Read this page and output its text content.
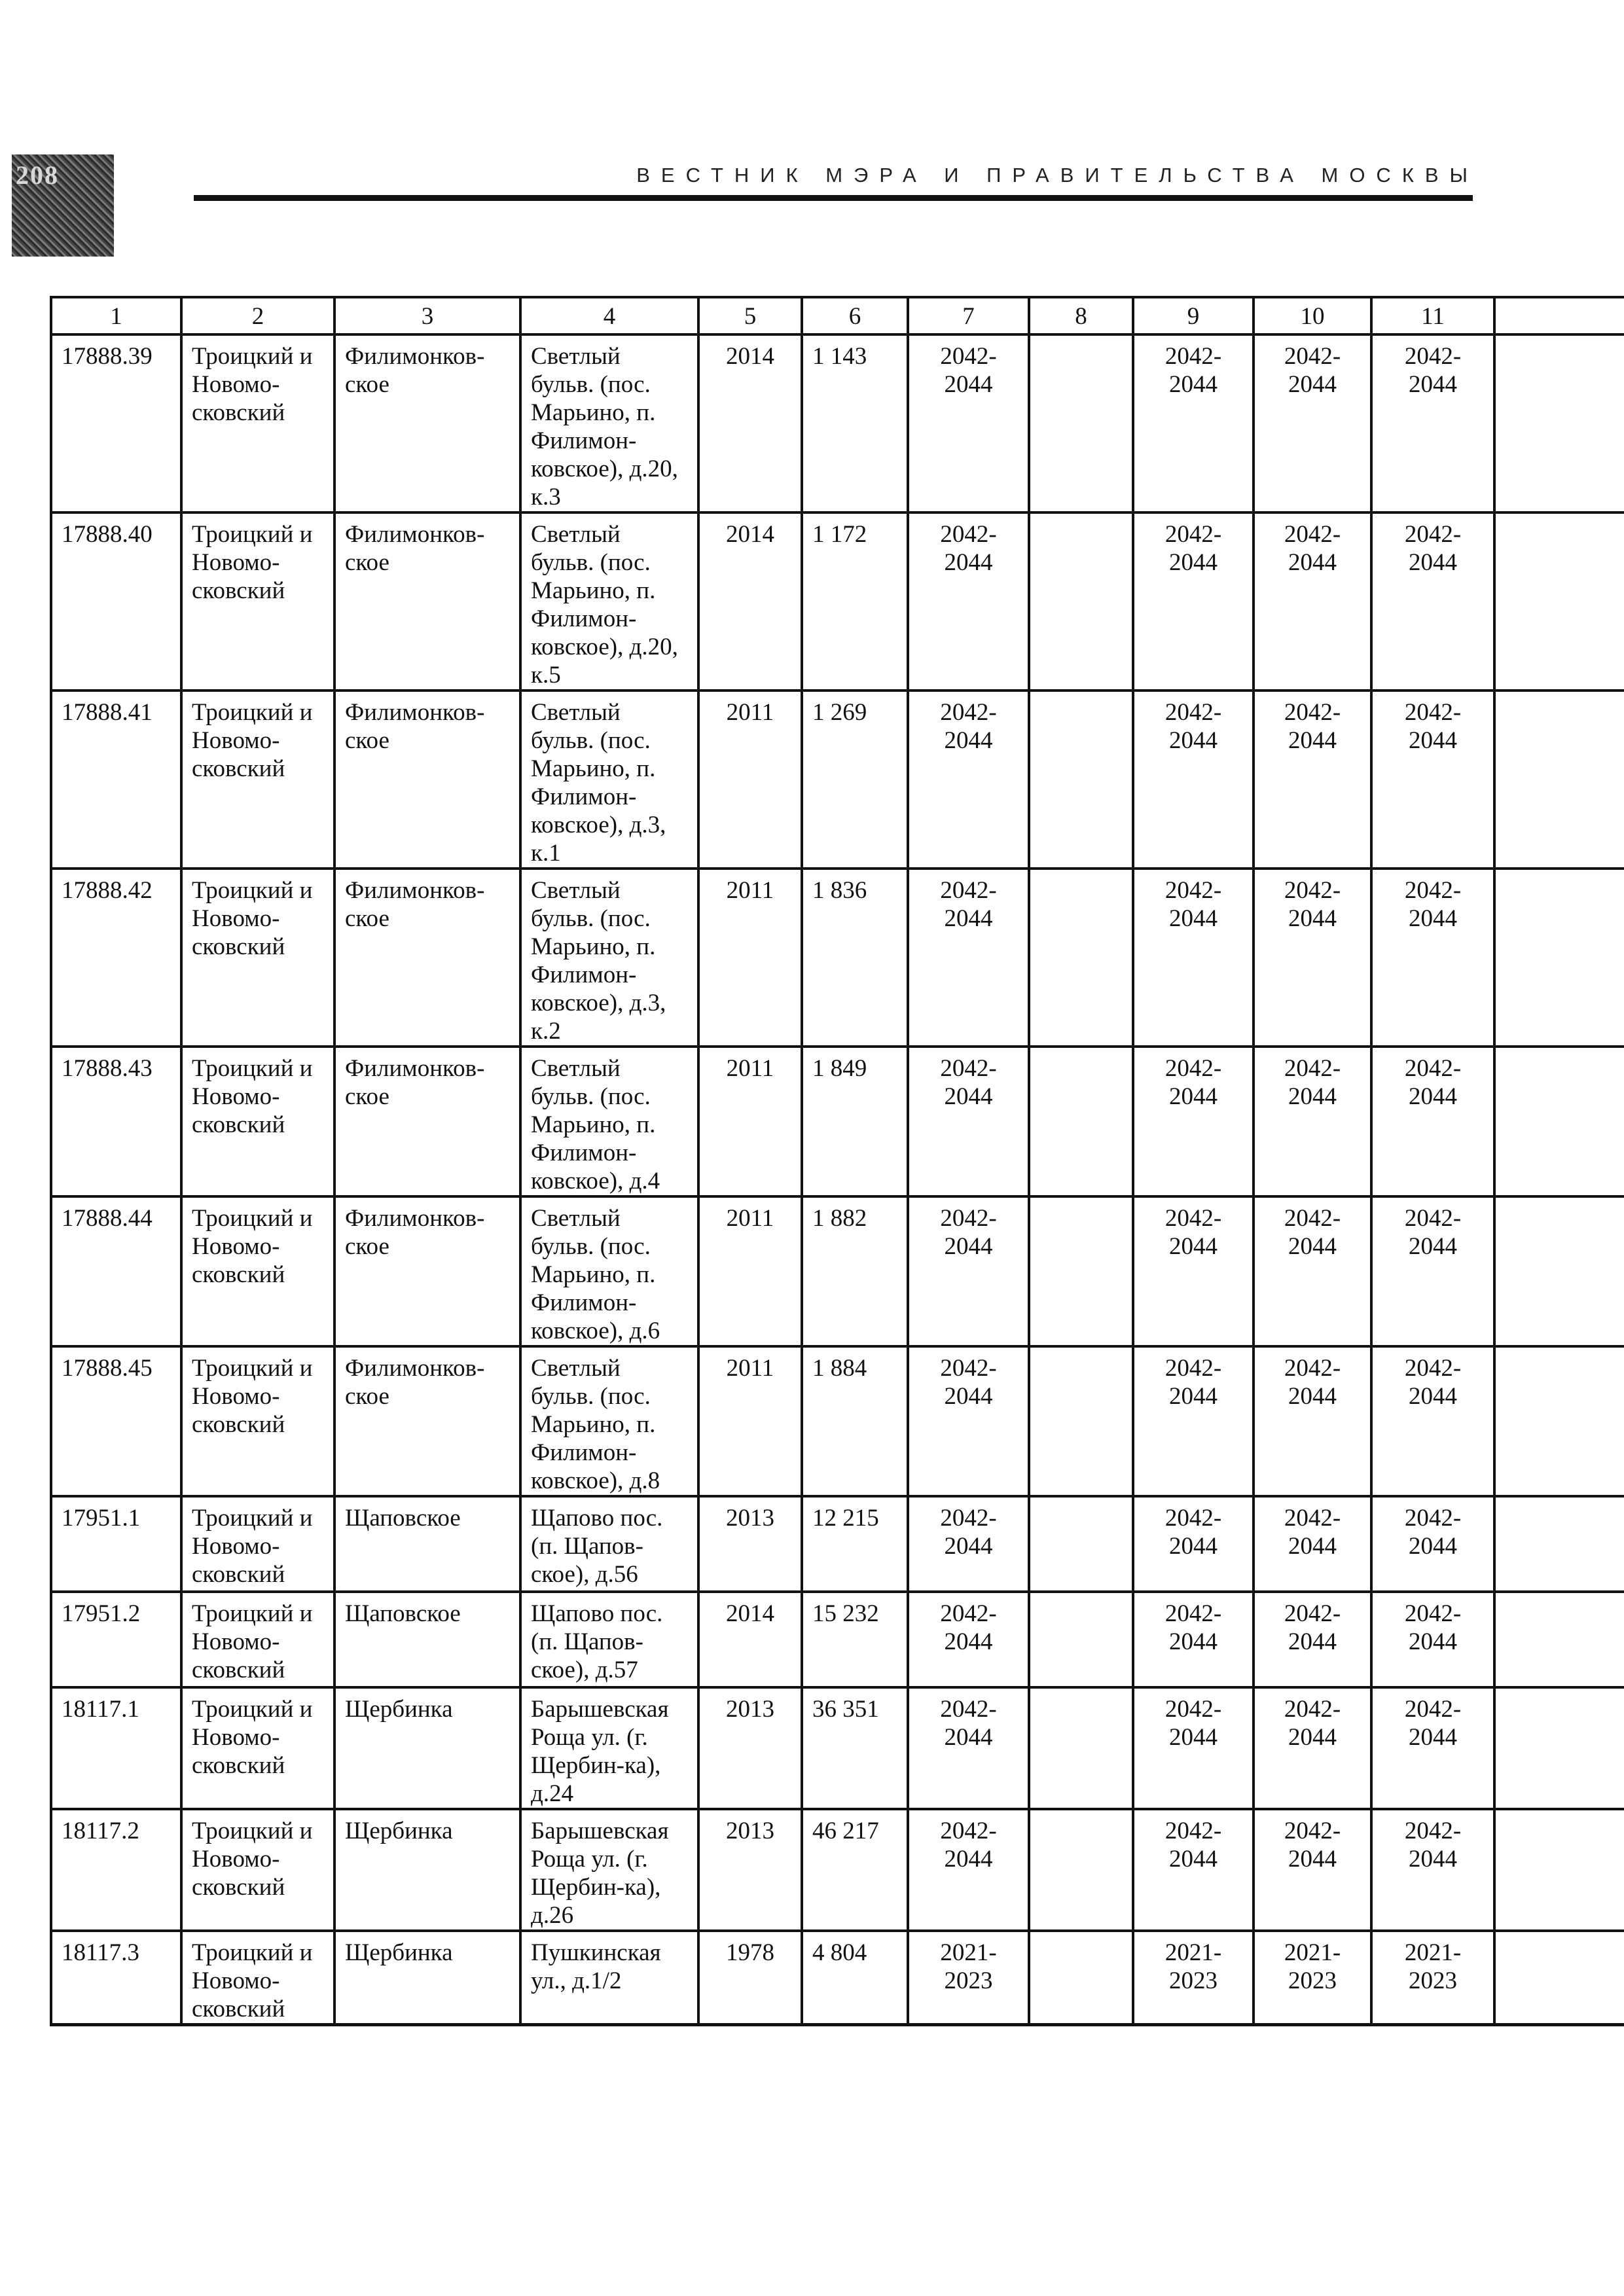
208	ВЕСТНИК МЭРА И ПРАВИТЕЛЬСТВА МОСКВЫ
1	2	3	4	5	6	7	8	9	10	11	
17888.39	Троицкий и Новомо-сковский	Филимонков-ское	Светлый бульв. (пос. Марьино, п. Филимон-ковское), д.20, к.3	2014	1 143	2042-2044		2042-2044	2042-2044	2042-2044	
17888.40	Троицкий и Новомо-сковский	Филимонков-ское	Светлый бульв. (пос. Марьино, п. Филимон-ковское), д.20, к.5	2014	1 172	2042-2044		2042-2044	2042-2044	2042-2044	
17888.41	Троицкий и Новомо-сковский	Филимонков-ское	Светлый бульв. (пос. Марьино, п. Филимон-ковское), д.3, к.1	2011	1 269	2042-2044		2042-2044	2042-2044	2042-2044	
17888.42	Троицкий и Новомо-сковский	Филимонков-ское	Светлый бульв. (пос. Марьино, п. Филимон-ковское), д.3, к.2	2011	1 836	2042-2044		2042-2044	2042-2044	2042-2044	
17888.43	Троицкий и Новомо-сковский	Филимонков-ское	Светлый бульв. (пос. Марьино, п. Филимон-ковское), д.4	2011	1 849	2042-2044		2042-2044	2042-2044	2042-2044	
17888.44	Троицкий и Новомо-сковский	Филимонков-ское	Светлый бульв. (пос. Марьино, п. Филимон-ковское), д.6	2011	1 882	2042-2044		2042-2044	2042-2044	2042-2044	
17888.45	Троицкий и Новомо-сковский	Филимонков-ское	Светлый бульв. (пос. Марьино, п. Филимон-ковское), д.8	2011	1 884	2042-2044		2042-2044	2042-2044	2042-2044	
17951.1	Троицкий и Новомо-сковский	Щаповское	Щапово пос. (п. Щапов-ское), д.56	2013	12 215	2042-2044		2042-2044	2042-2044	2042-2044	
17951.2	Троицкий и Новомо-сковский	Щаповское	Щапово пос. (п. Щапов-ское), д.57	2014	15 232	2042-2044		2042-2044	2042-2044	2042-2044	
18117.1	Троицкий и Новомо-сковский	Щербинка	Барышевская Роща ул. (г. Щербин-ка), д.24	2013	36 351	2042-2044		2042-2044	2042-2044	2042-2044	
18117.2	Троицкий и Новомо-сковский	Щербинка	Барышевская Роща ул. (г. Щербин-ка), д.26	2013	46 217	2042-2044		2042-2044	2042-2044	2042-2044	
18117.3	Троицкий и Новомо-сковский	Щербинка	Пушкинская ул., д.1/2	1978	4 804	2021-2023		2021-2023	2021-2023	2021-2023	
